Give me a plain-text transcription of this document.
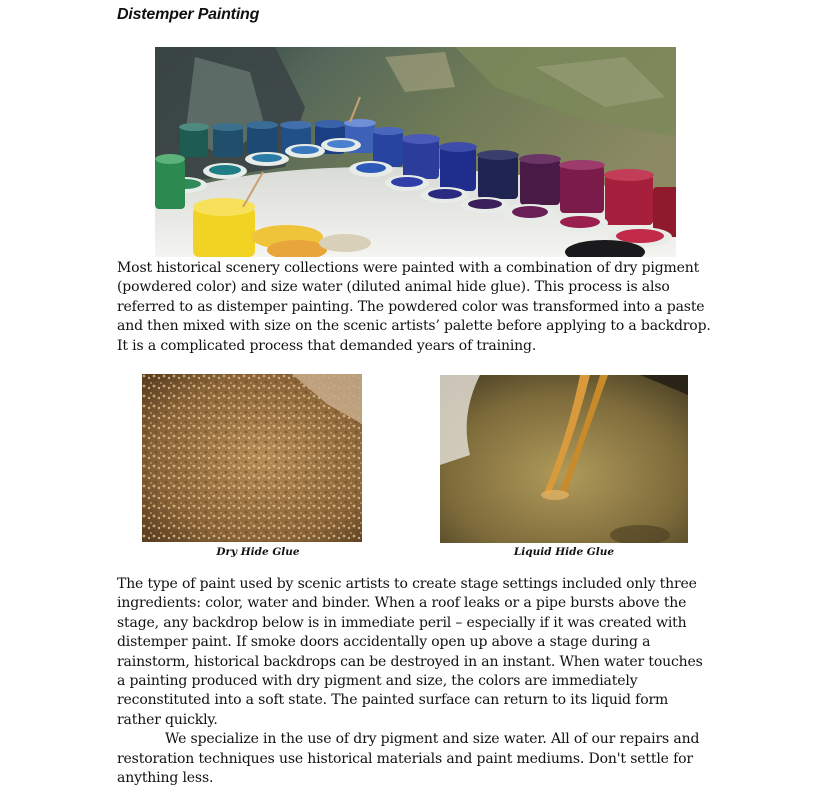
Distemper Painting
Most historical scenery collections were painted with a combination of dry pigment
(powdered color) and size water (diluted animal hide glue). This process is also
referred to as distemper painting. The powdered color was transformed into a paste
and then mixed with size on the scenic artists’ palette before applying to a backdrop.
It is a complicated process that demanded years of training.
Dry Hide Glue	Liquid Hide Glue
The type of paint used by scenic artists to create stage settings included only three
ingredients: color, water and binder. When a roof leaks or a pipe bursts above the
stage, any backdrop below is in immediate peril – especially if it was created with
distemper paint. If smoke doors accidentally open up above a stage during a
rainstorm, historical backdrops can be destroyed in an instant. When water touches
a painting produced with dry pigment and size, the colors are immediately
reconstituted into a soft state. The painted surface can return to its liquid form
rather quickly.
We specialize in the use of dry pigment and size water. All of our repairs and
restoration techniques use historical materials and paint mediums. Don't settle for
anything less.
